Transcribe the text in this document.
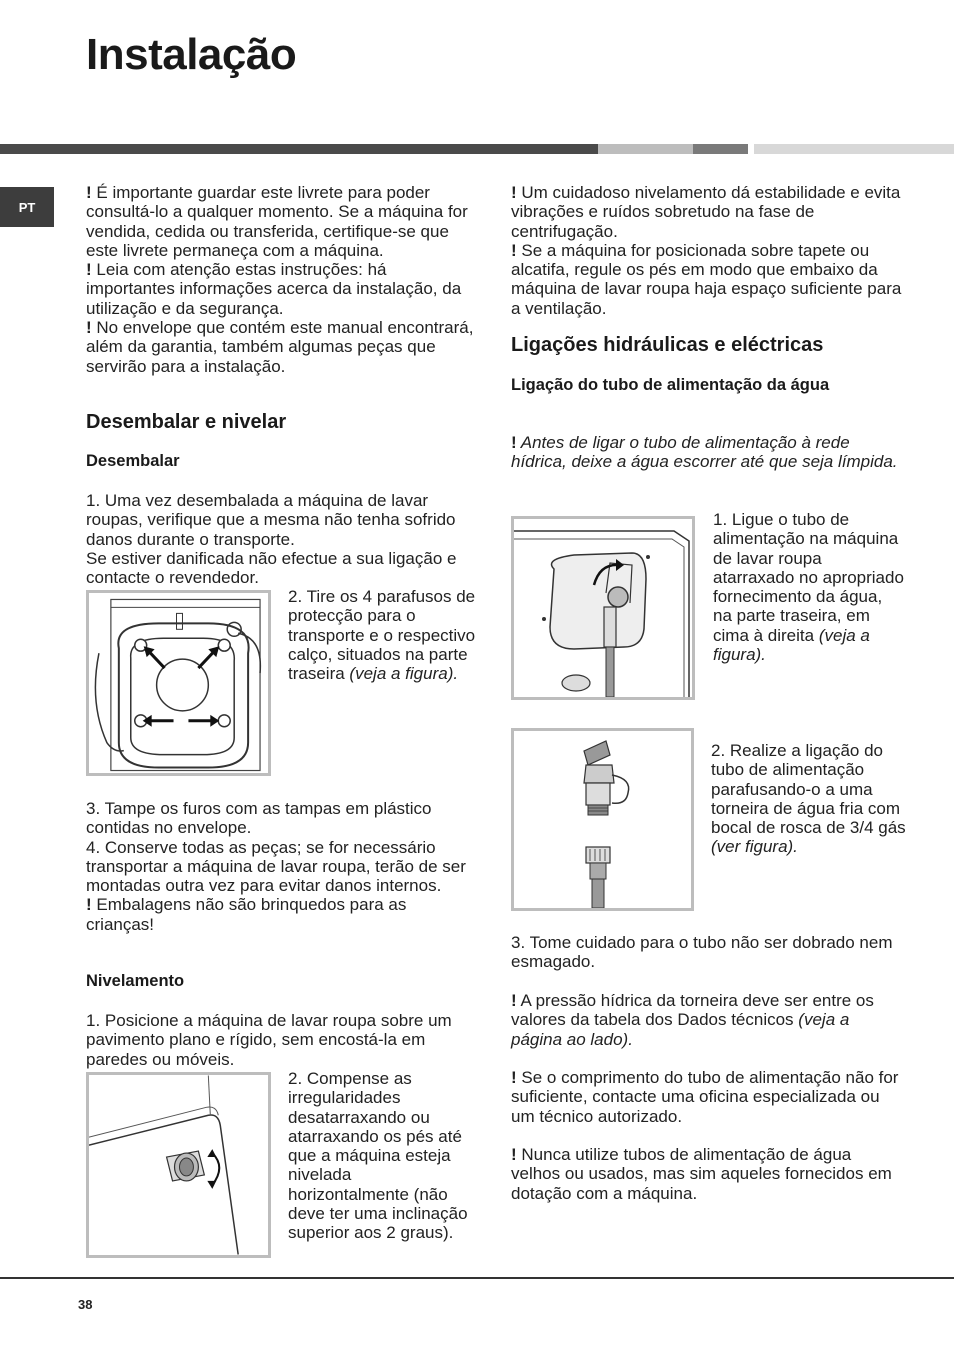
Instalação
PT

! É importante guardar este livrete para poder consultá-lo a qualquer momento. Se a máquina for vendida, cedida ou transferida, certifique-se que este livrete permaneça com a máquina.

! Leia com atenção estas instruções: há importantes informações acerca da instalação, da utilização e da segurança.

! No envelope que contém este manual encontrará, além da garantia, também algumas peças que servirão para a instalação.

Desembalar e nivelar
Desembalar

1. Uma vez desembalada a máquina de lavar roupas, verifique que a mesma não tenha sofrido danos durante o transporte.

Se estiver danificada não efectue a sua ligação e contacte o revendedor.

2. Tire os 4 parafusos de protecção para o transporte e o respectivo calço, situados na parte traseira (veja a figura).

3. Tampe os furos com as tampas em plástico contidas no envelope.

4. Conserve todas as peças; se for necessário transportar a máquina de lavar roupa, terão de ser montadas outra vez para evitar danos internos.

! Embalagens não são brinquedos para as crianças!

Nivelamento

1. Posicione a máquina de lavar roupa sobre um pavimento plano e rígido, sem encostá-la em paredes ou móveis.

2. Compense as irregularidades desatarraxando ou atarraxando os pés até que a máquina esteja nivelada horizontalmente (não deve ter uma inclinação superior aos 2 graus).

! Um cuidadoso nivelamento dá estabilidade e evita vibrações e ruídos sobretudo na fase de centrifugação.

! Se a máquina for posicionada sobre tapete ou alcatifa, regule os pés em modo que embaixo da máquina de lavar roupa haja espaço suficiente para a ventilação.

Ligações hidráulicas e eléctricas
Ligação do tubo de alimentação da água

! Antes de ligar o tubo de alimentação à rede hídrica, deixe a água escorrer até que seja límpida.

1. Ligue o tubo de alimentação na máquina de lavar roupa atarraxado no apropriado fornecimento da água, na parte traseira, em cima à direita (veja a figura).

2. Realize a ligação do tubo de alimentação parafusando-o a uma torneira de água fria com bocal de rosca de 3/4 gás (ver figura).

3. Tome cuidado para o tubo não ser dobrado nem esmagado.

! A pressão hídrica da torneira deve ser entre os valores da tabela dos Dados técnicos (veja a página ao lado).

! Se o comprimento do tubo de alimentação não for suficiente, contacte uma oficina especializada ou um técnico autorizado.

! Nunca utilize tubos de alimentação de água velhos ou usados, mas sim aqueles fornecidos em dotação com a máquina.

38
